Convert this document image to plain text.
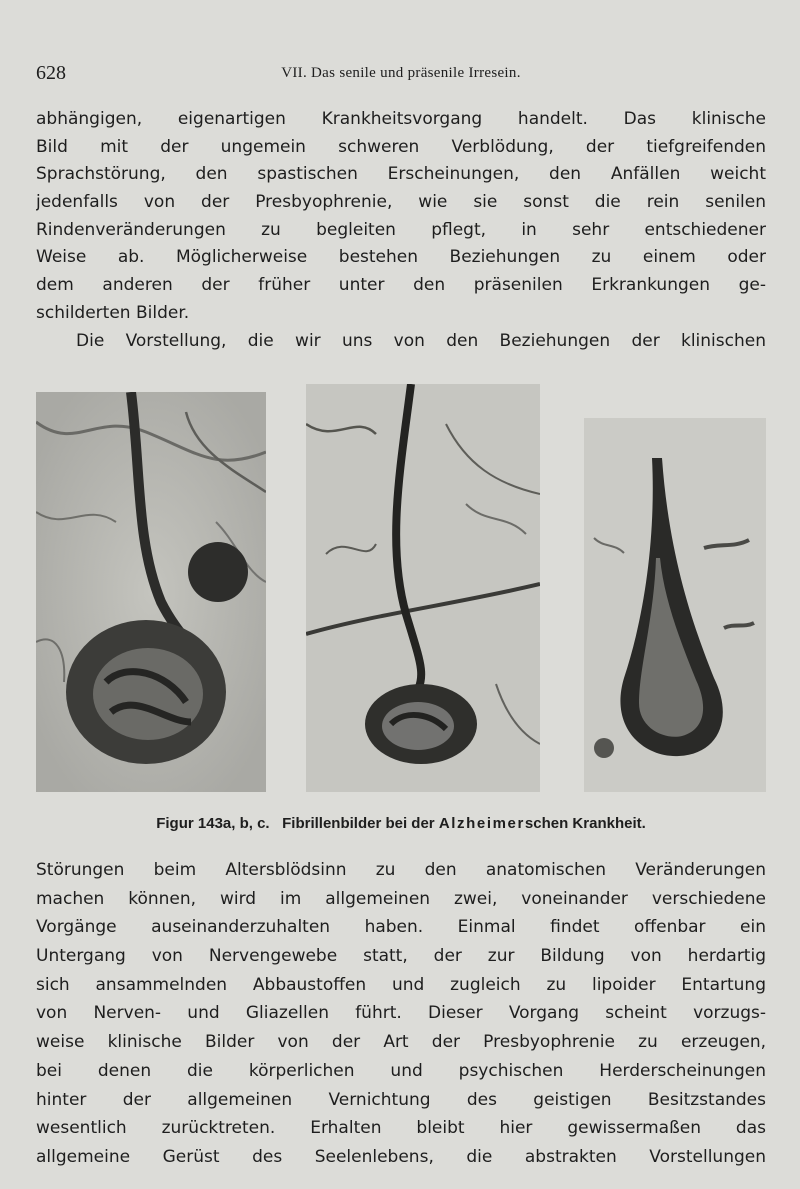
628	VII. Das senile und präsenile Irresein.
abhängigen, eigenartigen Krankheitsvorgang handelt. Das klinische
Bild mit der ungemein schweren Verblödung, der tiefgreifenden
Sprachstörung, den spastischen Erscheinungen, den Anfällen weicht
jedenfalls von der Presbyophrenie, wie sie sonst die rein senilen
Rindenveränderungen zu begleiten pflegt, in sehr entschiedener
Weise ab. Möglicherweise bestehen Beziehungen zu einem oder
dem anderen der früher unter den präsenilen Erkrankungen ge-
schilderten Bilder.
Die Vorstellung, die wir uns von den Beziehungen der klinischen
Figur 143a, b, c. Fibrillenbilder bei der Alzheimerschen Krankheit.
Störungen beim Altersblödsinn zu den anatomischen Veränderungen
machen können, wird im allgemeinen zwei, voneinander verschiedene
Vorgänge auseinanderzuhalten haben. Einmal findet offenbar ein
Untergang von Nervengewebe statt, der zur Bildung von herdartig
sich ansammelnden Abbaustoffen und zugleich zu lipoider Entartung
von Nerven- und Gliazellen führt. Dieser Vorgang scheint vorzugs-
weise klinische Bilder von der Art der Presbyophrenie zu erzeugen,
bei denen die körperlichen und psychischen Herderscheinungen
hinter der allgemeinen Vernichtung des geistigen Besitzstandes
wesentlich zurücktreten. Erhalten bleibt hier gewissermaßen das
allgemeine Gerüst des Seelenlebens, die abstrakten Vorstellungen
